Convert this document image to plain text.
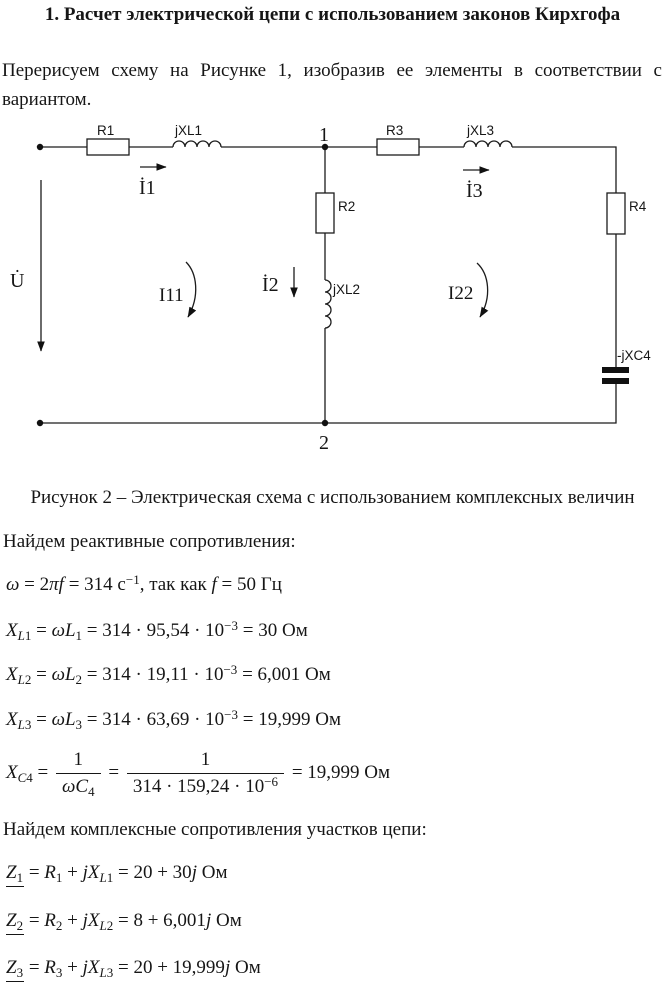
1. Расчет электрической цепи с использованием законов Кирхгофа
Перерисуем схему на Рисунке 1, изобразив ее элементы в соответствии с вариантом.
R1	jXL1	R3	jXL3
R4
R2
jXL2
-jXC4
1
2
U̇
İ1	İ3
İ2
I11	I22
Рисунок 2 – Электрическая схема с использованием комплексных величин
Найдем реактивные сопротивления:
ω = 2πf = 314 $с^{-1}$, так как f = 50 Гц
$X_{L1} = \omega L_1 = 314 \cdot 95,54 \cdot 10^{-3} = 30$ Ом
$X_{L2} = \omega L_2 = 314 \cdot 19,11 \cdot 10^{-3} = 6,001$ Ом
$X_{L3} = \omega L_3 = 314 \cdot 63,69 \cdot 10^{-3} = 19,999$ Ом
$X_{C4} = \frac{1}{\omega C_4} = \frac{1}{314 \cdot 159,24 \cdot 10^{-6}} = 19,999$ Ом
Найдем комплексные сопротивления участков цепи:
$Z_1 = R_1 + jX_{L1} = 20 + 30j$ Ом
$Z_2 = R_2 + jX_{L2} = 8 + 6,001j$ Ом
$Z_3 = R_3 + jX_{L3} = 20 + 19,999j$ Ом
